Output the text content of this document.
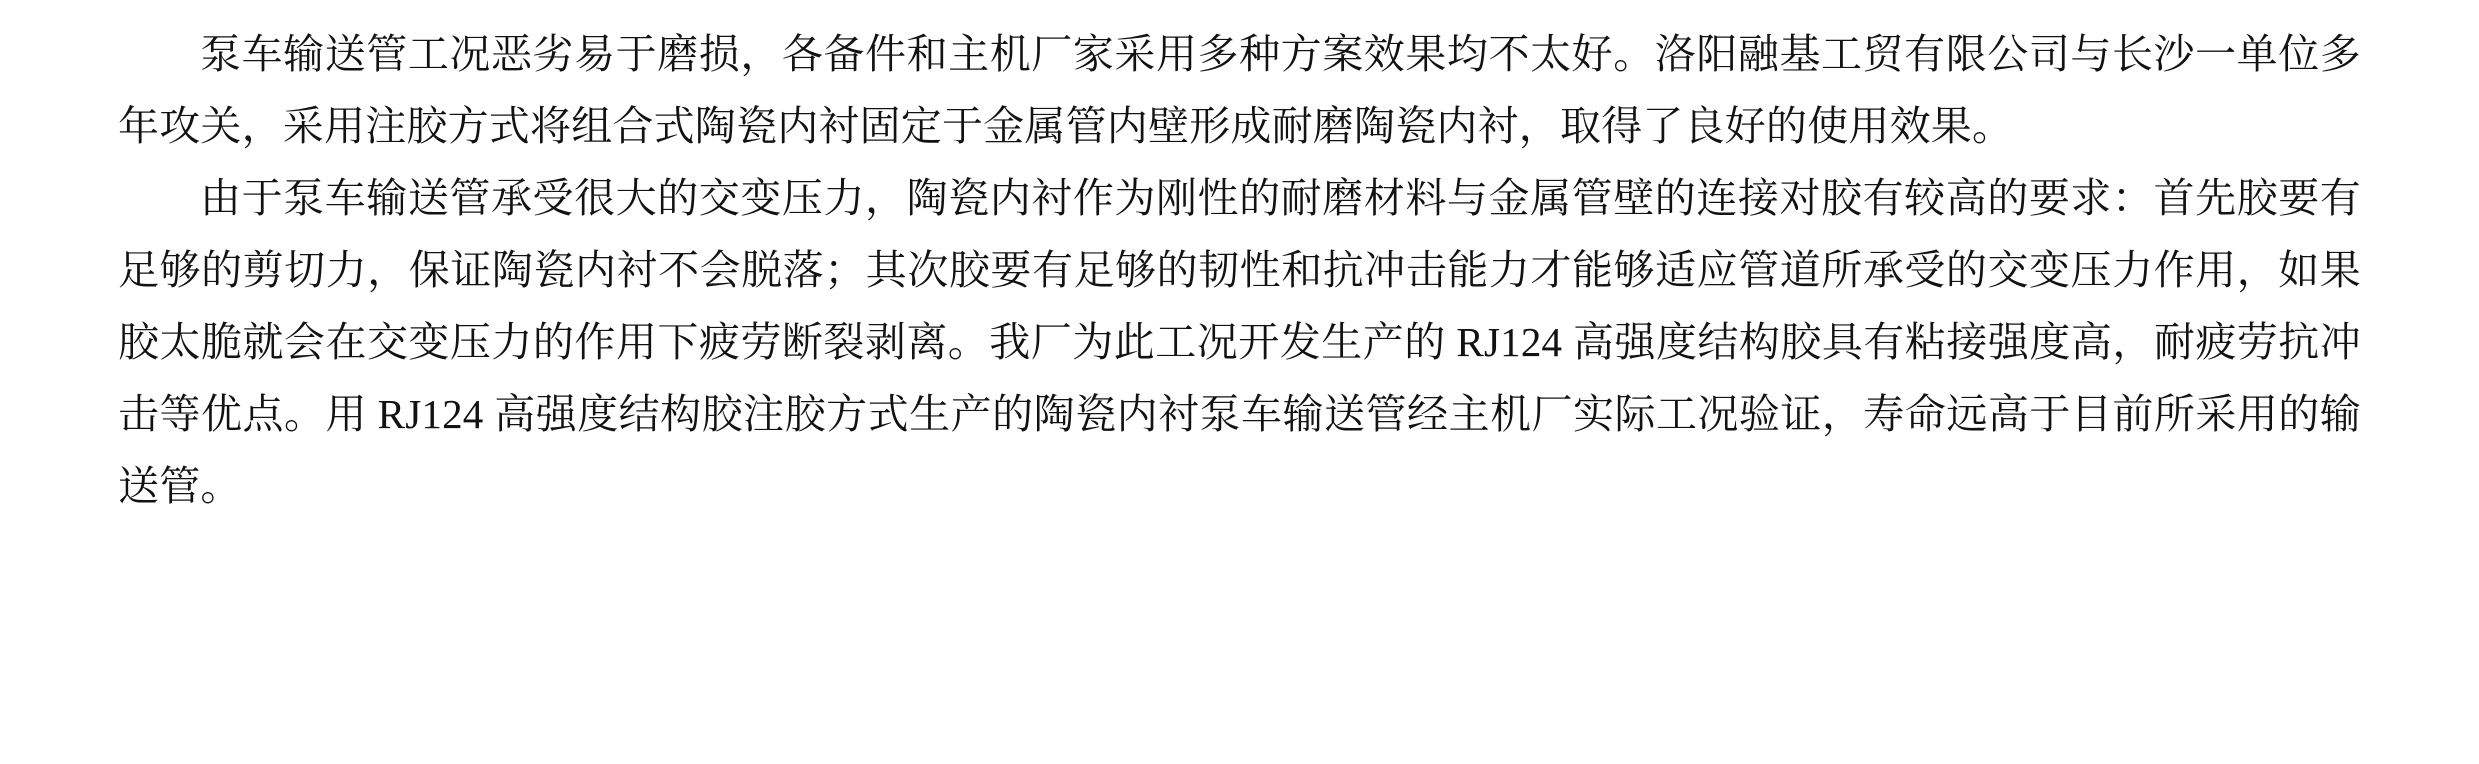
泵车输送管工况恶劣易于磨损，各备件和主机厂家采用多种方案效果均不太好。洛阳融基工贸有限公司与长沙一单位多年攻关，采用注胶方式将组合式陶瓷内衬固定于金属管内壁形成耐磨陶瓷内衬，取得了良好的使用效果。

由于泵车输送管承受很大的交变压力，陶瓷内衬作为刚性的耐磨材料与金属管壁的连接对胶有较高的要求：首先胶要有足够的剪切力，保证陶瓷内衬不会脱落；其次胶要有足够的韧性和抗冲击能力才能够适应管道所承受的交变压力作用，如果胶太脆就会在交变压力的作用下疲劳断裂剥离。我厂为此工况开发生产的 RJ124 高强度结构胶具有粘接强度高，耐疲劳抗冲击等优点。用 RJ124 高强度结构胶注胶方式生产的陶瓷内衬泵车输送管经主机厂实际工况验证，寿命远高于目前所采用的输送管。
